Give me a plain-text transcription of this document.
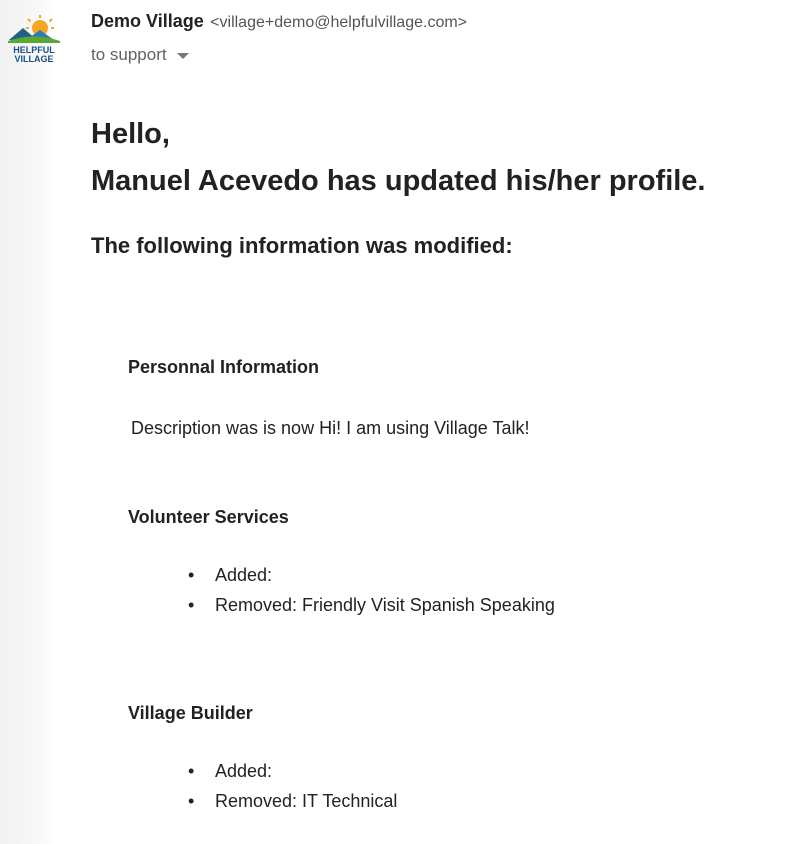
HELPFUL
VILLAGE
Demo Village <village+demo@helpfulvillage.com>
to support
Hello,
Manuel Acevedo has updated his/her profile.
The following information was modified:
Personnal Information
Description was is now Hi! I am using Village Talk!
Volunteer Services
• Added:
• Removed: Friendly Visit Spanish Speaking
Village Builder
• Added:
• Removed: IT Technical
